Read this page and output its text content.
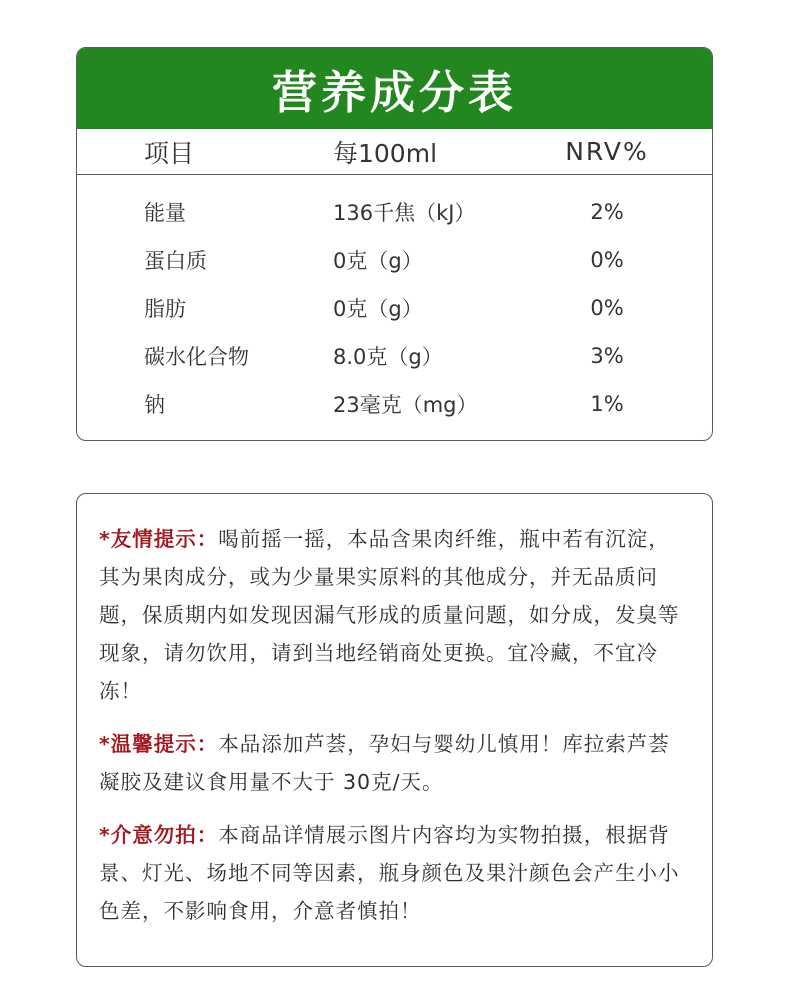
营养成分表
项目	每100ml	NRV%
能量	136千焦（kJ）	2%
蛋白质	0克（g）	0%
脂肪	0克（g）	0%
碳水化合物	8.0克（g）	3%
钠	23毫克（mg）	1%

*友情提示：喝前摇一摇，本品含果肉纤维，瓶中若有沉淀，其为果肉成分，或为少量果实原料的其他成分，并无品质问题，保质期内如发现因漏气形成的质量问题，如分成，发臭等现象，请勿饮用，请到当地经销商处更换。宜冷藏，不宜冷冻！

*温馨提示：本品添加芦荟，孕妇与婴幼儿慎用！库拉索芦荟凝胶及建议食用量不大于 30克/天。

*介意勿拍：本商品详情展示图片内容均为实物拍摄，根据背景、灯光、场地不同等因素，瓶身颜色及果汁颜色会产生小小色差，不影响食用，介意者慎拍！
